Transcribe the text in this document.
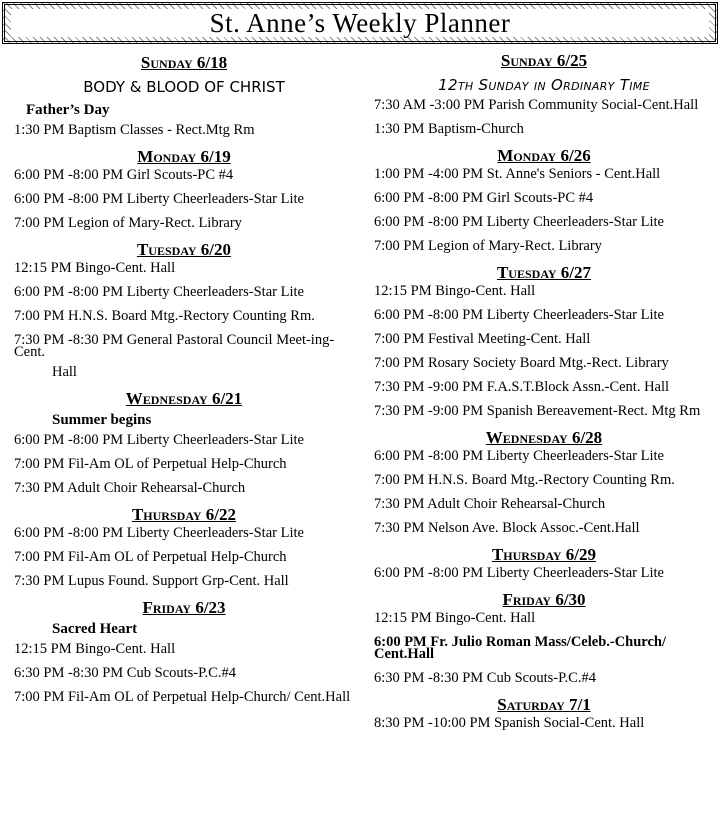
St. Anne’s Weekly Planner
Sunday 6/18
BODY & BLOOD OF CHRIST
Father’s Day
1:30 PM Baptism Classes - Rect.Mtg Rm
Monday 6/19
6:00 PM -8:00 PM Girl Scouts-PC #4
6:00 PM -8:00 PM Liberty Cheerleaders-Star Lite
7:00 PM Legion of Mary-Rect. Library
Tuesday 6/20
12:15 PM Bingo-Cent. Hall
6:00 PM -8:00 PM Liberty Cheerleaders-Star Lite
7:00 PM H.N.S. Board Mtg.-Rectory Counting Rm.
7:30 PM -8:30 PM General Pastoral Council Meet-ing-Cent.
Hall
Wednesday 6/21
Summer begins
6:00 PM -8:00 PM Liberty Cheerleaders-Star Lite
7:00 PM Fil-Am OL of Perpetual Help-Church
7:30 PM Adult Choir Rehearsal-Church
Thursday 6/22
6:00 PM -8:00 PM Liberty Cheerleaders-Star Lite
7:00 PM Fil-Am OL of Perpetual Help-Church
7:30 PM Lupus Found. Support Grp-Cent. Hall
Friday 6/23
Sacred Heart
12:15 PM Bingo-Cent. Hall
6:30 PM -8:30 PM Cub Scouts-P.C.#4
7:00 PM Fil-Am OL of Perpetual Help-Church/ Cent.Hall
Sunday 6/25
12th Sunday in Ordinary Time
7:30 AM -3:00 PM Parish Community Social-Cent.Hall
1:30 PM Baptism-Church
Monday 6/26
1:00 PM -4:00 PM St. Anne's Seniors - Cent.Hall
6:00 PM -8:00 PM Girl Scouts-PC #4
6:00 PM -8:00 PM Liberty Cheerleaders-Star Lite
7:00 PM Legion of Mary-Rect. Library
Tuesday 6/27
12:15 PM Bingo-Cent. Hall
6:00 PM -8:00 PM Liberty Cheerleaders-Star Lite
7:00 PM Festival Meeting-Cent. Hall
7:00 PM Rosary Society Board Mtg.-Rect. Library
7:30 PM -9:00 PM F.A.S.T.Block Assn.-Cent. Hall
7:30 PM -9:00 PM Spanish Bereavement-Rect. Mtg Rm
Wednesday 6/28
6:00 PM -8:00 PM Liberty Cheerleaders-Star Lite
7:00 PM H.N.S. Board Mtg.-Rectory Counting Rm.
7:30 PM Adult Choir Rehearsal-Church
7:30 PM Nelson Ave. Block Assoc.-Cent.Hall
Thursday 6/29
6:00 PM -8:00 PM Liberty Cheerleaders-Star Lite
Friday 6/30
12:15 PM Bingo-Cent. Hall
6:00 PM Fr. Julio Roman Mass/Celeb.-Church/ Cent.Hall
6:30 PM -8:30 PM Cub Scouts-P.C.#4
Saturday 7/1
8:30 PM -10:00 PM Spanish Social-Cent. Hall
